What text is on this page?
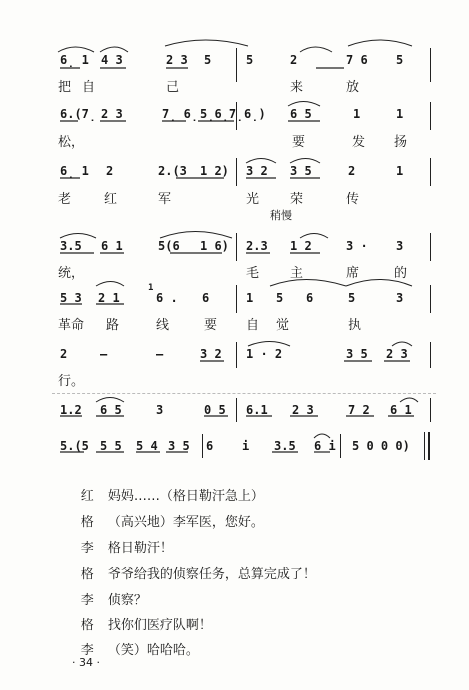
6̣ 1 4 3	2 3 5	5	2	7 6 5
把 自	己	来	放
6.(7̣ 2 3	7̣ 6̣ 5̣6̣7̣ 6̣) 6 5	1	1
松，	要	发 扬
6̣ 1 2	2.(3 1 2) 3 2 3 5	2	1
老	红	军	光 荣	传
稍慢
3.5 6 1	5(6 1 6) 2.3 1 2	3 · 3
统，	毛 主	席	的
5 3 2 1
1
6 . 6	1 5 6	5	3
革命 路	线	要 自 觉	执
2	—	—	3 2 1 · 2	3 5 2 3
行。
1.2 6 5	3	0 5 6.1 2 3	7 2 6 1
5.(5 5 5 5 4 3 5 6 i 3.5 6 i 5 0 0 0)

红 妈妈……（格日勒汗急上）

格 （高兴地）李军医，您好。

李 格日勒汗！

格 爷爷给我的侦察任务，总算完成了！

李 侦察？

格 找你们医疗队啊！

李 （笑）哈哈哈。

· 34 ·
